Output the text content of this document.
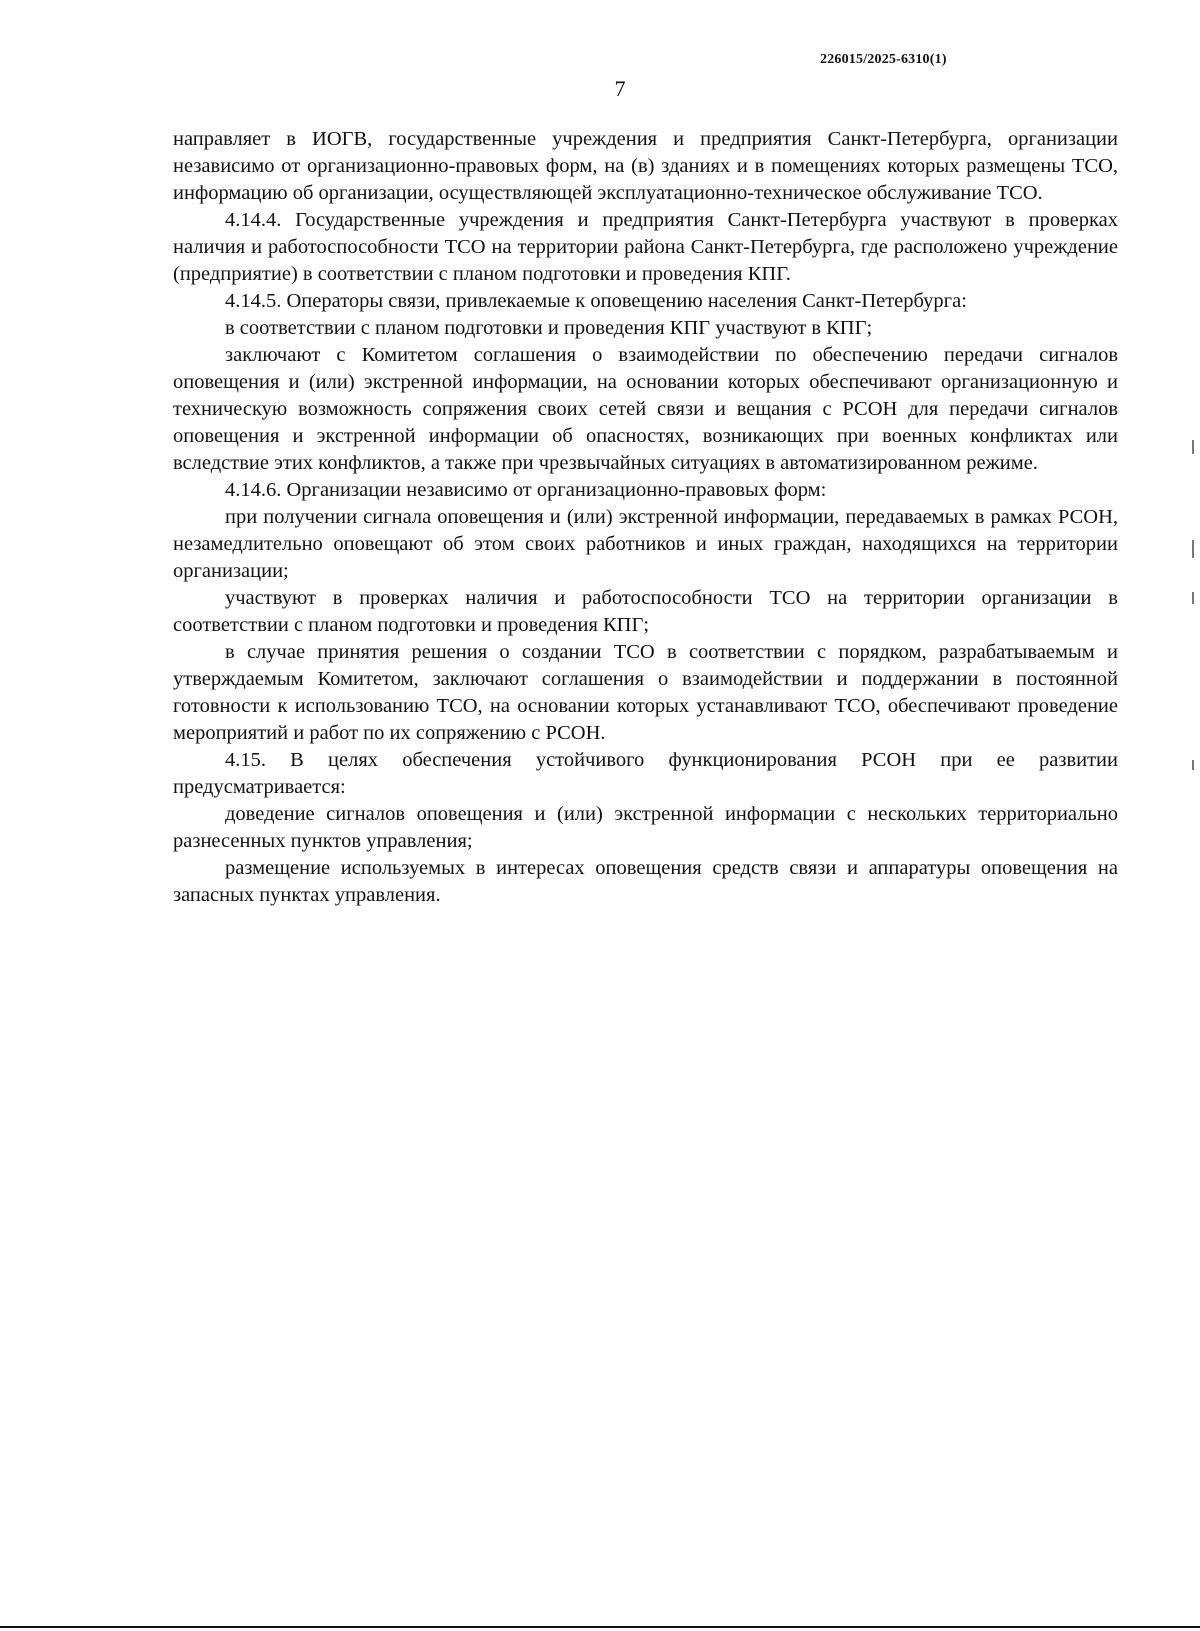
226015/2025-6310(1)
7

направляет в ИОГВ, государственные учреждения и предприятия Санкт-Петербурга, организации независимо от организационно-правовых форм, на (в) зданиях и в помещениях которых размещены ТСО, информацию об организации, осуществляющей эксплуатационно-техническое обслуживание ТСО.

4.14.4. Государственные учреждения и предприятия Санкт-Петербурга участвуют в проверках наличия и работоспособности ТСО на территории района Санкт-Петербурга, где расположено учреждение (предприятие) в соответствии с планом подготовки и проведения КПГ.

4.14.5. Операторы связи, привлекаемые к оповещению населения Санкт-Петербурга:

в соответствии с планом подготовки и проведения КПГ участвуют в КПГ;

заключают с Комитетом соглашения о взаимодействии по обеспечению передачи сигналов оповещения и (или) экстренной информации, на основании которых обеспечивают организационную и техническую возможность сопряжения своих сетей связи и вещания с РСОН для передачи сигналов оповещения и экстренной информации об опасностях, возникающих при военных конфликтах или вследствие этих конфликтов, а также при чрезвычайных ситуациях в автоматизированном режиме.

4.14.6. Организации независимо от организационно-правовых форм:

при получении сигнала оповещения и (или) экстренной информации, передаваемых в рамках РСОН, незамедлительно оповещают об этом своих работников и иных граждан, находящихся на территории организации;

участвуют в проверках наличия и работоспособности ТСО на территории организации в соответствии с планом подготовки и проведения КПГ;

в случае принятия решения о создании ТСО в соответствии с порядком, разрабатываемым и утверждаемым Комитетом, заключают соглашения о взаимодействии и поддержании в постоянной готовности к использованию ТСО, на основании которых устанавливают ТСО, обеспечивают проведение мероприятий и работ по их сопряжению с РСОН.

4.15. В целях обеспечения устойчивого функционирования РСОН при ее развитии предусматривается:

доведение сигналов оповещения и (или) экстренной информации с нескольких территориально разнесенных пунктов управления;

размещение используемых в интересах оповещения средств связи и аппаратуры оповещения на запасных пунктах управления.
